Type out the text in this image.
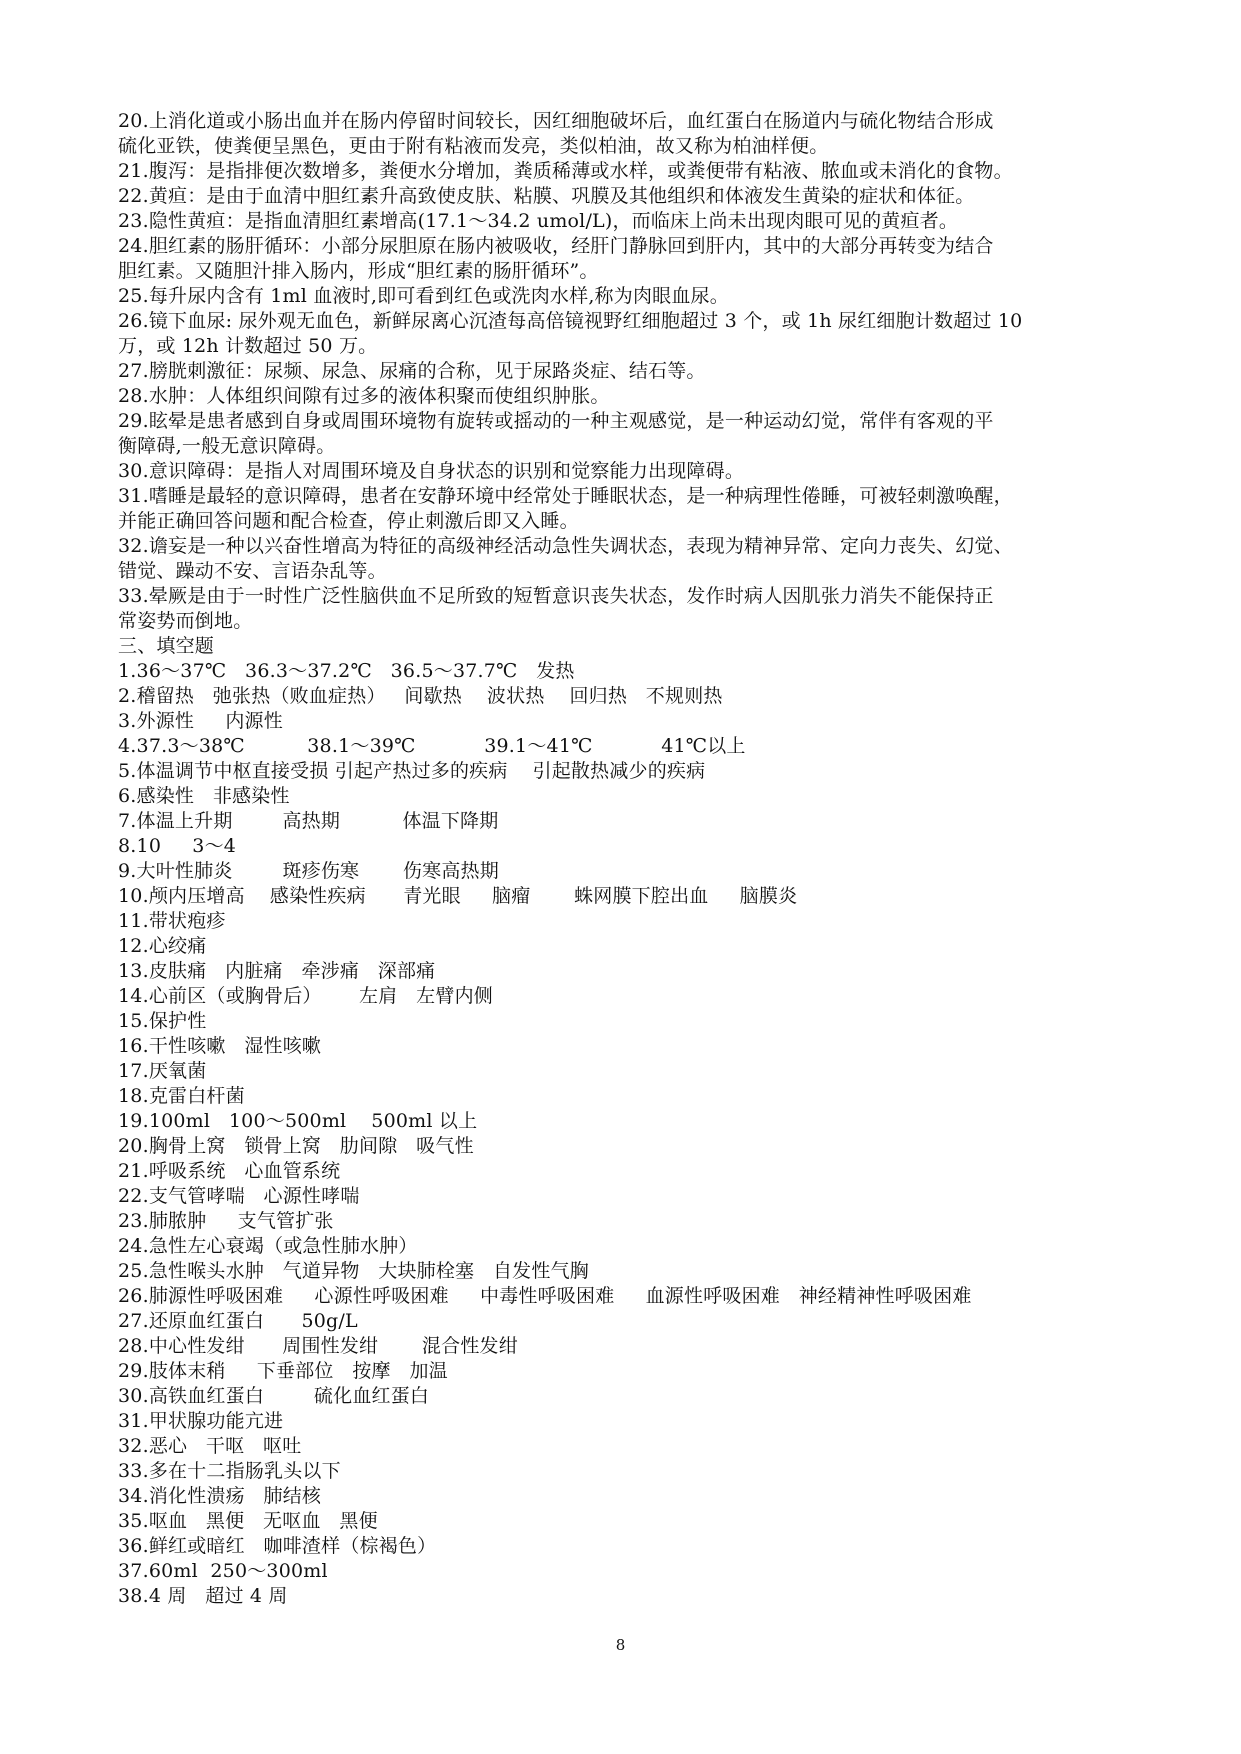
20.上消化道或小肠出血并在肠内停留时间较长，因红细胞破坏后，血红蛋白在肠道内与硫化物结合形成
硫化亚铁，使粪便呈黑色，更由于附有粘液而发亮，类似柏油，故又称为柏油样便。
21.腹泻：是指排便次数增多，粪便水分增加，粪质稀薄或水样，或粪便带有粘液、脓血或未消化的食物。
22.黄疸：是由于血清中胆红素升高致使皮肤、粘膜、巩膜及其他组织和体液发生黄染的症状和体征。
23.隐性黄疸：是指血清胆红素增高(17.1～34.2 umol/L)，而临床上尚未出现肉眼可见的黄疸者。
24.胆红素的肠肝循环：小部分尿胆原在肠内被吸收，经肝门静脉回到肝内，其中的大部分再转变为结合
胆红素。又随胆汁排入肠内，形成“胆红素的肠肝循环”。
25.每升尿内含有 1ml 血液时,即可看到红色或洗肉水样,称为肉眼血尿。
26.镜下血尿: 尿外观无血色，新鲜尿离心沉渣每高倍镜视野红细胞超过 3 个，或 1h 尿红细胞计数超过 10
万，或 12h 计数超过 50 万。
27.膀胱刺激征：尿频、尿急、尿痛的合称，见于尿路炎症、结石等。
28.水肿：人体组织间隙有过多的液体积聚而使组织肿胀。
29.眩晕是患者感到自身或周围环境物有旋转或摇动的一种主观感觉，是一种运动幻觉，常伴有客观的平
衡障碍,一般无意识障碍。
30.意识障碍：是指人对周围环境及自身状态的识别和觉察能力出现障碍。
31.嗜睡是最轻的意识障碍，患者在安静环境中经常处于睡眠状态，是一种病理性倦睡，可被轻刺激唤醒，
并能正确回答问题和配合检查，停止刺激后即又入睡。
32.谵妄是一种以兴奋性增高为特征的高级神经活动急性失调状态，表现为精神异常、定向力丧失、幻觉、
错觉、躁动不安、言语杂乱等。
33.晕厥是由于一时性广泛性脑供血不足所致的短暂意识丧失状态，发作时病人因肌张力消失不能保持正
常姿势而倒地。
三、填空题
1.36～37℃   36.3～37.2℃   36.5～37.7℃   发热
2.稽留热   弛张热（败血症热）   间歇热    波状热    回归热   不规则热
3.外源性     内源性
4.37.3～38℃          38.1～39℃           39.1～41℃           41℃以上
5.体温调节中枢直接受损 引起产热过多的疾病    引起散热减少的疾病
6.感染性   非感染性
7.体温上升期        高热期          体温下降期
8.10     3～4
9.大叶性肺炎        斑疹伤寒       伤寒高热期
10.颅内压增高    感染性疾病      青光眼     脑瘤       蛛网膜下腔出血     脑膜炎
11.带状疱疹
12.心绞痛
13.皮肤痛   内脏痛   牵涉痛   深部痛
14.心前区（或胸骨后）      左肩   左臂内侧
15.保护性
16.干性咳嗽   湿性咳嗽
17.厌氧菌
18.克雷白杆菌
19.100ml   100～500ml    500ml 以上
20.胸骨上窝   锁骨上窝   肋间隙   吸气性
21.呼吸系统   心血管系统
22.支气管哮喘   心源性哮喘
23.肺脓肿     支气管扩张
24.急性左心衰竭（或急性肺水肿）
25.急性喉头水肿   气道异物   大块肺栓塞   自发性气胸
26.肺源性呼吸困难     心源性呼吸困难     中毒性呼吸困难     血源性呼吸困难   神经精神性呼吸困难
27.还原血红蛋白      50g/L
28.中心性发绀      周围性发绀       混合性发绀
29.肢体末稍     下垂部位   按摩   加温
30.高铁血红蛋白        硫化血红蛋白
31.甲状腺功能亢进
32.恶心   干呕   呕吐
33.多在十二指肠乳头以下
34.消化性溃疡   肺结核
35.呕血   黑便   无呕血   黑便
36.鲜红或暗红   咖啡渣样（棕褐色）
37.60ml  250～300ml
38.4 周   超过 4 周
8
